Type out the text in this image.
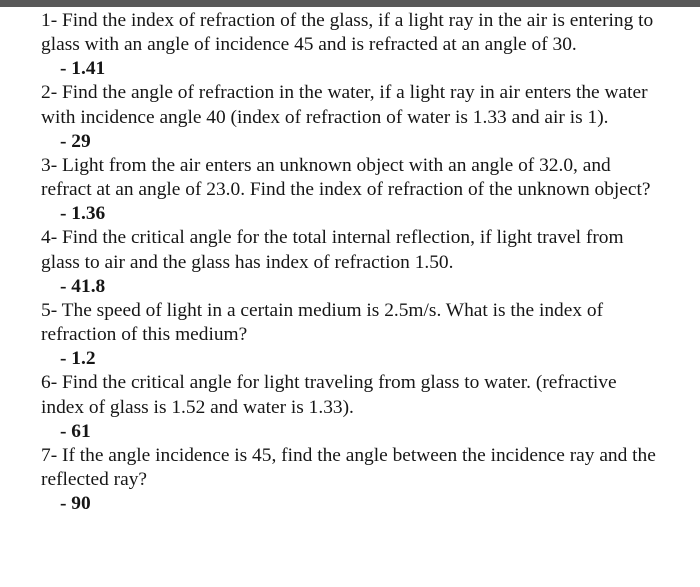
1- Find the index of refraction of the glass, if a light ray in the air is entering to glass with an angle of incidence 45 and is refracted at an angle of 30.

- 1.41

2- Find the angle of refraction in the water, if a light ray in air enters the water with incidence angle 40 (index of refraction of water is 1.33 and air is 1).

- 29

3- Light from the air enters an unknown object with an angle of 32.0, and refract at an angle of 23.0. Find the index of refraction of the unknown object?

- 1.36

4- Find the critical angle for the total internal reflection, if light travel from glass to air and the glass has index of refraction 1.50.

- 41.8

5- The speed of light in a certain medium is 2.5m/s. What is the index of refraction of this medium?

- 1.2

6- Find the critical angle for light traveling from glass to water. (refractive index of glass is 1.52 and water is 1.33).

- 61

7- If the angle incidence is 45, find the angle between the incidence ray and the reflected ray?

- 90
